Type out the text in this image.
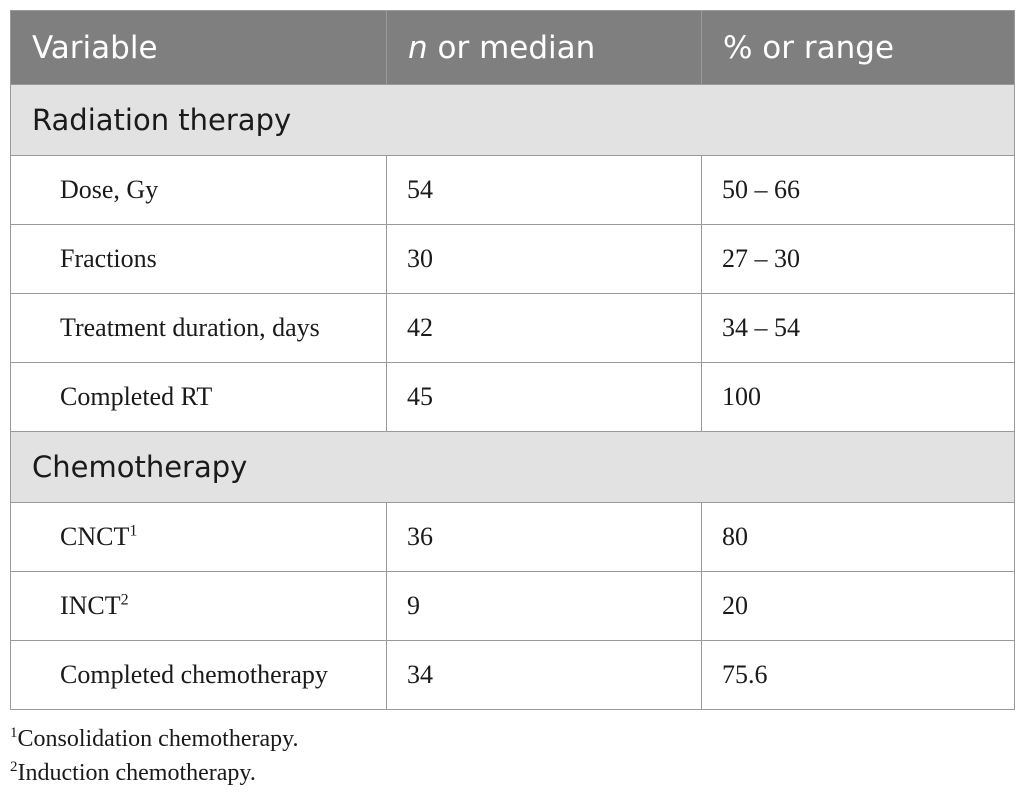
Variable	n or median	% or range
Radiation therapy		
Dose, Gy	54	50 – 66
Fractions	30	27 – 30
Treatment duration, days	42	34 – 54
Completed RT	45	100
Chemotherapy		
CNCT$^1$	36	80
INCT$^2$	9	20
Completed chemotherapy	34	75.6
$^1$Consolidation chemotherapy.
$^2$Induction chemotherapy.
